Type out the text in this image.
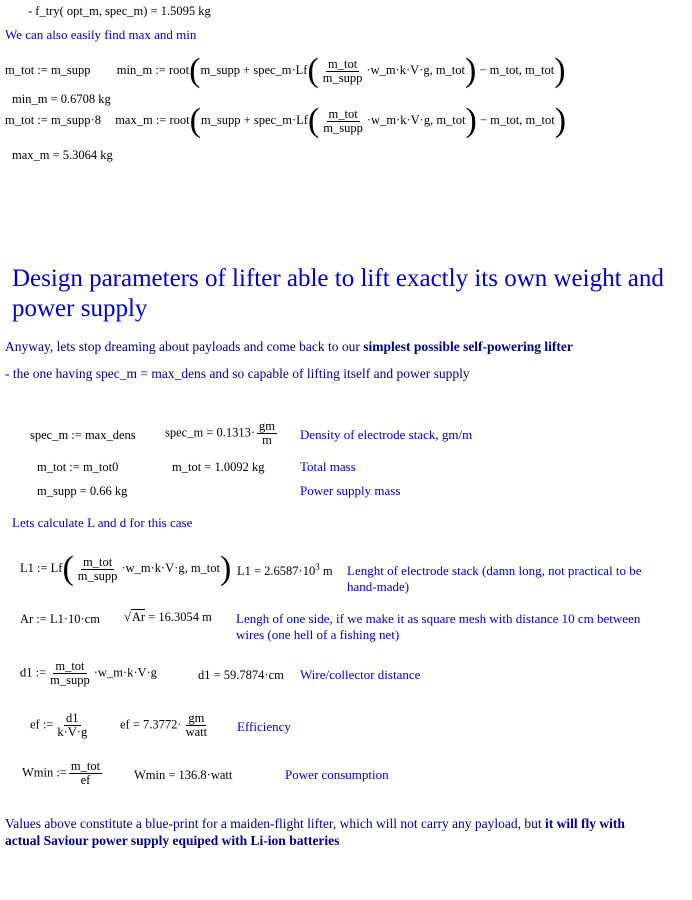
- f_try( opt_m, spec_m) = 1.5095 kg
We can also easily find max and min
m_tot := m_supp min_m := root(m_supp + spec_m·Lf( $\frac{\text{m\_tot}}{\text{m\_supp}}$ ·w_m·k·V·g, m_tot) − m_tot, m_tot)
min_m = 0.6708 kg
m_tot := m_supp·8 max_m := root(m_supp + spec_m·Lf( $\frac{\text{m\_tot}}{\text{m\_supp}}$ ·w_m·k·V·g, m_tot) − m_tot, m_tot)
max_m = 5.3064 kg
Design parameters of lifter able to lift exactly its own weight and power supply
Anyway, lets stop dreaming about payloads and come back to our simplest possible self-powering lifter
- the one having spec_m = max_dens and so capable of lifting itself and power supply
spec_m := max_dens spec_m = $0.1313\cdot \frac{gm}{m}$ Density of electrode stack, gm/m
m_tot := m_tot0	m_tot = 1.0092 kg	Total mass
m_supp = 0.66 kg	Power supply mass
Lets calculate L and d for this case
L1 := $Lf( \frac{\text{m\_tot}}{\text{m\_supp}}$ ·w_m·k·V·g, m_tot) $L1 = 2.6587\cdot 10^3$ m Lenght of electrode stack (damn long, not practical to be hand-made)
Ar := L1·10·cm √Ar = 16.3054 m Lengh of one side, if we make it as square mesh with distance 10 cm between wires (one hell of a fishing net)
d1 := $\frac{\text{m\_tot}}{\text{m\_supp}}$ ·w_m·k·V·g	d1 = 59.7874·cm Wire/collector distance
ef := $\frac{d1}{k\cdot V\cdot g}$ ef = $7.3772\cdot \frac{gm}{\text{watt}}$ Efficiency
Wmin := $\frac{\text{m\_tot}}{ef}$	Wmin = 136.8·watt	Power consumption
Values above constitute a blue-print for a maiden-flight lifter, which will not carry any payload, but it will fly with actual Saviour power supply equiped with Li-ion batteries
